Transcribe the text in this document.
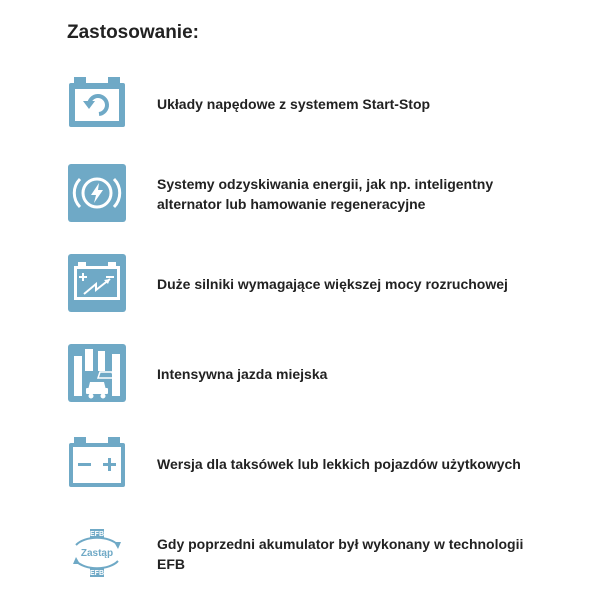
Zastosowanie:
Układy napędowe z systemem Start-Stop
Systemy odzyskiwania energii, jak np. inteligentny
alternator lub hamowanie regeneracyjne
Duże silniki wymagające większej mocy rozruchowej
Intensywna jazda miejska
Wersja dla taksówek lub lekkich pojazdów użytkowych
EFB
Zastąp
EFB
Gdy poprzedni akumulator był wykonany w technologii
EFB
